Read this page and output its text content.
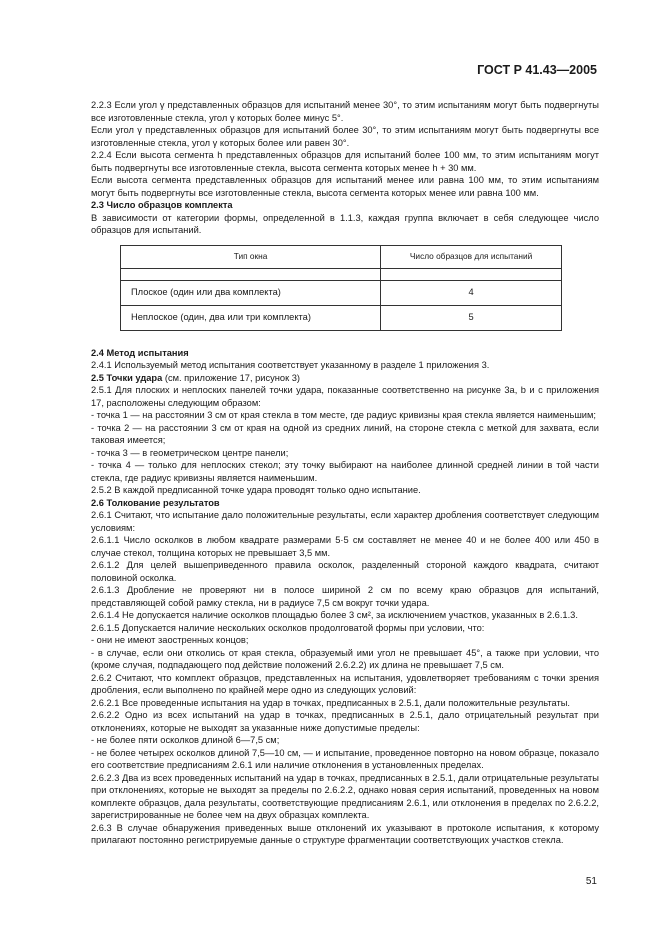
ГОСТ Р 41.43—2005

2.2.3 Если угол γ представленных образцов для испытаний менее 30°, то этим испытаниям могут быть подвергнуты все изготовленные стекла, угол γ которых более минус 5°.

Если угол γ представленных образцов для испытаний более 30°, то этим испытаниям могут быть подвергнуты все изготовленные стекла, угол γ которых более или равен 30°.

2.2.4 Если высота сегмента h представленных образцов для испытаний более 100 мм, то этим испытаниям могут быть подвергнуты все изготовленные стекла, высота сегмента которых менее h + 30 мм.

Если высота сегмента представленных образцов для испытаний менее или равна 100 мм, то этим испытаниям могут быть подвергнуты все изготовленные стекла, высота сегмента которых менее или равна 100 мм.

2.3 Число образцов комплекта

В зависимости от категории формы, определенной в 1.1.3, каждая группа включает в себя следующее число образцов для испытаний.

Тип окна	Число образцов для испытаний

Плоское (один или два комплекта)	4
Неплоское (один, два или три комплекта)	5

2.4 Метод испытания

2.4.1 Используемый метод испытания соответствует указанному в разделе 1 приложения 3.

2.5 Точки удара (см. приложение 17, рисунок 3)

2.5.1 Для плоских и неплоских панелей точки удара, показанные соответственно на рисунке 3а, b и с приложения 17, расположены следующим образом:

- точка 1 — на расстоянии 3 см от края стекла в том месте, где радиус кривизны края стекла является наименьшим;

- точка 2 — на расстоянии 3 см от края на одной из средних линий, на стороне стекла с меткой для захвата, если таковая имеется;

- точка 3 — в геометрическом центре панели;

- точка 4 — только для неплоских стекол; эту точку выбирают на наиболее длинной средней линии в той части стекла, где радиус кривизны является наименьшим.

2.5.2 В каждой предписанной точке удара проводят только одно испытание.

2.6 Толкование результатов

2.6.1 Считают, что испытание дало положительные результаты, если характер дробления соответствует следующим условиям:

2.6.1.1 Число осколков в любом квадрате размерами 5·5 см составляет не менее 40 и не более 400 или 450 в случае стекол, толщина которых не превышает 3,5 мм.

2.6.1.2 Для целей вышеприведенного правила осколок, разделенный стороной каждого квадрата, считают половиной осколка.

2.6.1.3 Дробление не проверяют ни в полосе шириной 2 см по всему краю образцов для испытаний, представляющей собой рамку стекла, ни в радиусе 7,5 см вокруг точки удара.

2.6.1.4 Не допускается наличие осколков площадью более 3 см², за исключением участков, указанных в 2.6.1.3.

2.6.1.5 Допускается наличие нескольких осколков продолговатой формы при условии, что:

- они не имеют заостренных концов;

- в случае, если они отколись от края стекла, образуемый ими угол не превышает 45°, а также при условии, что (кроме случая, подпадающего под действие положений 2.6.2.2) их длина не превышает 7,5 см.

2.6.2 Считают, что комплект образцов, представленных на испытания, удовлетворяет требованиям с точки зрения дробления, если выполнено по крайней мере одно из следующих условий:

2.6.2.1 Все проведенные испытания на удар в точках, предписанных в 2.5.1, дали положительные результаты.

2.6.2.2 Одно из всех испытаний на удар в точках, предписанных в 2.5.1, дало отрицательный результат при отклонениях, которые не выходят за указанные ниже допустимые пределы:

- не более пяти осколков длиной 6—7,5 см;

- не более четырех осколков длиной 7,5—10 см, — и испытание, проведенное повторно на новом образце, показало его соответствие предписаниям 2.6.1 или наличие отклонения в установленных пределах.

2.6.2.3 Два из всех проведенных испытаний на удар в точках, предписанных в 2.5.1, дали отрицательные результаты при отклонениях, которые не выходят за пределы по 2.6.2.2, однако новая серия испытаний, проведенных на новом комплекте образцов, дала результаты, соответствующие предписаниям 2.6.1, или отклонения в пределах по 2.6.2.2, зарегистрированные не более чем на двух образцах комплекта.

2.6.3 В случае обнаружения приведенных выше отклонений их указывают в протоколе испытания, к которому прилагают постоянно регистрируемые данные о структуре фрагментации соответствующих участков стекла.

51
